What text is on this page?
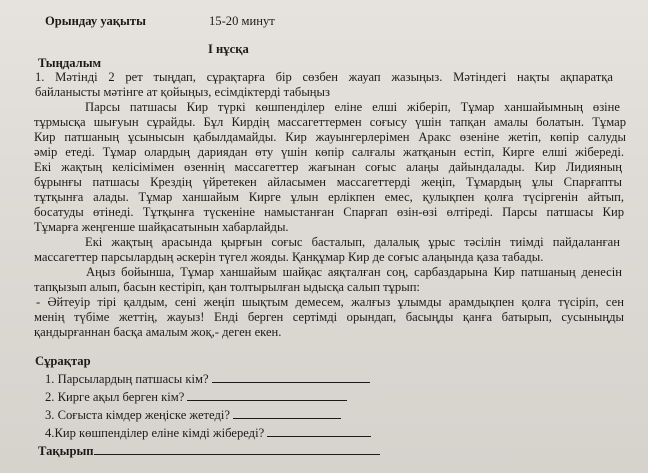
Орындау уақыты	15-20 минут
I нұсқа
Тыңдалым
1. Мәтінді 2 рет тыңдап, сұрақтарға бір сөзбен жауап жазыңыз. Мәтіндегі нақты ақпаратқа
байланысты мәтінге ат қойыңыз, есімдіктерді табыңыз
Парсы патшасы Кир түркі көшпенділер еліне елші жіберіп, Тұмар ханшайымның өзіне
тұрмысқа шығуын сұрайды. Бұл Кирдің массагеттермен соғысу үшін тапқан амалы болатын. Тұмар
Кир патшаның ұсынысын қабылдамайды. Кир жауынгерлерімен Аракс өзеніне жетіп, көпір салуды
әмір етеді. Тұмар олардың дариядан өту үшін көпір салғалы жатқанын естіп, Киргe елші жібереді.
Екі жақтың келісімімен өзеннің массагеттер жағынан соғыс алаңы дайындалады. Кир Лидияның
бұрынғы патшасы Крездің үйретекен айласымен массагеттерді жеңіп, Тұмардың ұлы Спарғапты
тұтқынға алады. Тұмар ханшайым Кирге ұлын ерлікпен емес, қулықпен қолға түсіргенін айтып,
босатуды өтінеді. Тұтқынға түскеніне намыстанған Спарғап өзін-өзі өлтіреді. Парсы патшасы Кир
Тұмарға жеңгенше шайқасатынын хабарлайды.
Екі жақтың арасында қырғын соғыс басталып, далалық ұрыс тәсілін тиімді пайдаланған
массагеттер парсылардың әскерін түгел жояды. Қанқұмар Кир де соғыс алаңында қаза табады.
Аңыз бойынша, Тұмар ханшайым шайқас аяқталған соң, сарбаздарына Кир патшаның денесін
тапқызып алып, басын кестіріп, қан толтырылған ыдысқа салып тұрып:
- Әйтеуір тірі қалдым, сені жеңіп шықтым демесем, жалғыз ұлымды арамдықпен қолға түсіріп, сен
менің түбіме жеттің, жауыз! Енді берген сертімді орындап, басыңды қанға батырып, сусыныңды
қандырғаннан басқа амалым жоқ,- деген екен.
Сұрақтар
1. Парсылардың патшасы кім?
2. Киргe ақыл берген кім?
3. Соғыста кімдер жеңіске жетеді?
4.Кир көшпенділер еліне кімді жібереді?
Тақырып
